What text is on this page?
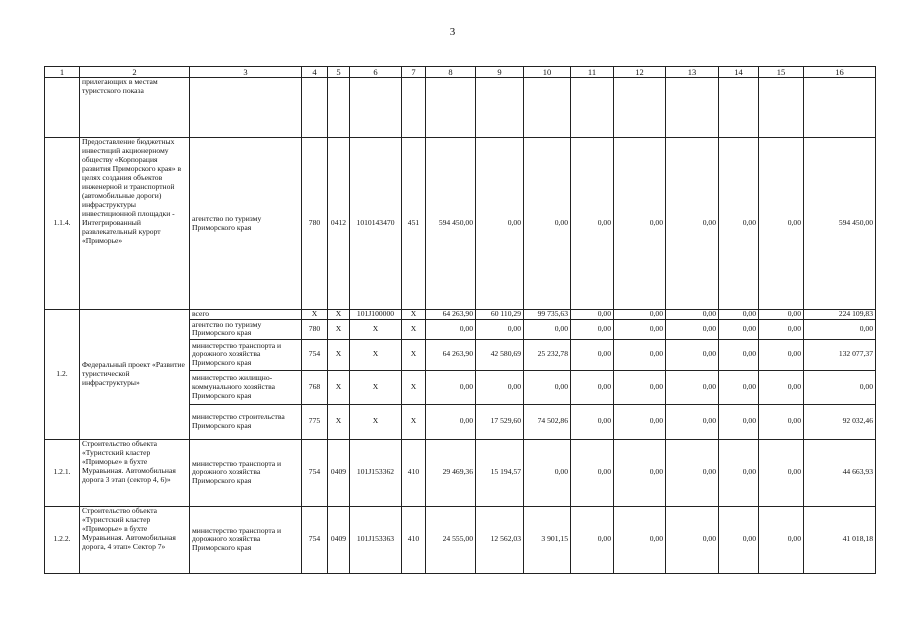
3
1	2	3	4	5	6	7	8	9	10	11	12	13	14	15	16
	прилегающих в местам туристского показа														
1.1.4.	Предоставление бюджетных инвестиций акционерному обществу «Корпорация развития Приморского края» в целях создания объектов инженерной и транспортной (автомобильные дороги) инфраструктуры инвестиционной площадки - Интегрированный развлекательный курорт «Приморье»	агентство по туризму Приморского края	780	0412	1010143470	451	594 450,00	0,00	0,00	0,00	0,00	0,00	0,00	0,00	594 450,00
1.2.	Федеральный проект «Развитие туристической инфраструктуры»	всего	X	X	101J100000	X	64 263,90	60 110,29	99 735,63	0,00	0,00	0,00	0,00	0,00	224 109,83
		агентство по туризму Приморского края	780	X	X	X	0,00	0,00	0,00	0,00	0,00	0,00	0,00	0,00	0,00
		министерство транспорта и дорожного хозяйства Приморского края	754	X	X	X	64 263,90	42 580,69	25 232,78	0,00	0,00	0,00	0,00	0,00	132 077,37
		министерство жилищно-коммунального хозяйства Приморского края	768	X	X	X	0,00	0,00	0,00	0,00	0,00	0,00	0,00	0,00	0,00
		министерство строительства Приморского края	775	X	X	X	0,00	17 529,60	74 502,86	0,00	0,00	0,00	0,00	0,00	92 032,46
1.2.1.	Строительство объекта «Туристский кластер «Приморье» в бухте Муравьиная. Автомобильная дорога 3 этап (сектор 4, 6)»	министерство транспорта и дорожного хозяйства Приморского края	754	0409	101J153362	410	29 469,36	15 194,57	0,00	0,00	0,00	0,00	0,00	0,00	44 663,93
1.2.2.	Строительство объекта «Туристский кластер «Приморье» в бухте Муравьиная. Автомобильная дорога, 4 этап» Сектор 7»	министерство транспорта и дорожного хозяйства Приморского края	754	0409	101J153363	410	24 555,00	12 562,03	3 901,15	0,00	0,00	0,00	0,00	0,00	41 018,18
